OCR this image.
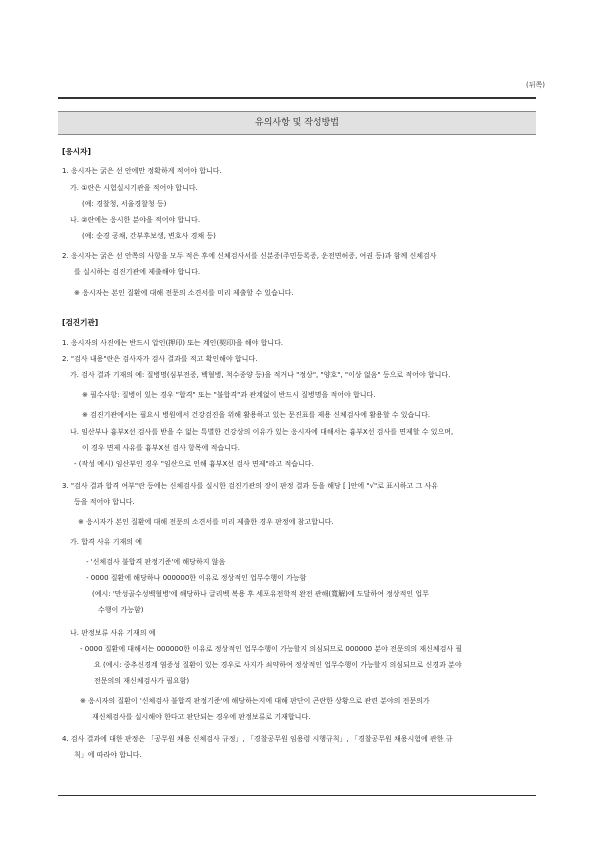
(뒤쪽)
유의사항 및 작성방법
[응시자]
1. 응시자는 굵은 선 안에만 정확하게 적어야 합니다.
가. ①란은 시험실시기관을 적어야 합니다.
(예: 경찰청, 서울경찰청 등)
나. ②란에는 응시한 분야을 적어야 합니다.
(예: 순경 공채, 간부후보생, 변호사 경채 등)
2. 응시자는 굵은 선 안쪽의 사항을 모두 적은 후에 신체검사서를 신분증(주민등록증, 운전면허증, 여권 등)과 함께 신체검사
를 실시하는 검진기관에 제출해야 합니다.
※ 응시자는 본인 질환에 대해 전문의 소견서를 미리 제출할 수 있습니다.
[검진기관]
1. 응시자의 사진에는 반드시 압인(押印) 또는 계인(契印)을 해야 합니다.
2. "검사 내용"란은 검사자가 검사 결과를 적고 확인해야 합니다.
가. 검사 결과 기재의 예: 질병명(심부전증, 백혈병, 척수종양 등)을 적거나 "정상", "양호", "이상 없음" 등으로 적어야 합니다.
※ 필수사항: 질병이 있는 경우 "합격" 또는 "불합격"과 관계없이 반드시 질병명을 적어야 합니다.
※ 검진기관에서는 필요시 병원에서 건강검진을 위해 활용하고 있는 문진표를 제용 신체검사에 활용할 수 있습니다.
나. 임산부나 흉부X선 검사를 받을 수 없는 특별한 건강상의 이유가 있는 응시자에 대해서는 흉부X선 검사를 면제할 수 있으며,
이 경우 면제 사유를 흉부X선 검사 항목에 적습니다.
- (작성 예시) 임산부인 경우 "임산으로 인해 흉부X선 검사 면제"라고 적습니다.
3. "검사 결과 합격 여부"란 등에는 신체검사를 실시한 검진기관의 장이 판정 결과 등을 해당 [ ]안에 "√"로 표시하고 그 사유
등을 적어야 합니다.
※ 응시자가 본인 질환에 대해 전문의 소견서를 미리 제출한 경우 판정에 참고합니다.
가. 합격 사유 기재의 예
- '신체검사 불합격 판정기준'에 해당하지 않음
- 0000 질환에 해당하나 000000한 이유로 정상적인 업무수행이 가능함
(예시: '만성골수성백혈병'에 해당하나 글리벡 복용 후 세포유전학적 완전 관해(寬解)에 도달하여 정상적인 업무
수행이 가능함)
나. 판정보류 사유 기재의 예
- 0000 질환에 대해서는 000000한 이유로 정상적인 업무수행이 가능할지 의심되므로 000000 분야 전문의의 재신체검사 필
요 (예시: 중추신경계 염증성 질환이 있는 경우로 사지가 쇠약하여 정상적인 업무수행이 가능할지 의심되므로 신경과 분야
전문의의 재신체검사가 필요함)
※ 응시자의 질환이 '신체검사 불합격 판정기준'에 해당하는지에 대해 판단이 곤란한 상황으로 관련 분야의 전문의가
재신체검사를 실시해야 한다고 판단되는 경우에 판정보류로 기재합니다.
4. 검사 결과에 대한 판정은 「공무원 채용 신체검사 규정」, 「경찰공무원 임용령 시행규칙」, 「경찰공무원 채용시험에 관한 규
칙」에 따라야 합니다.
